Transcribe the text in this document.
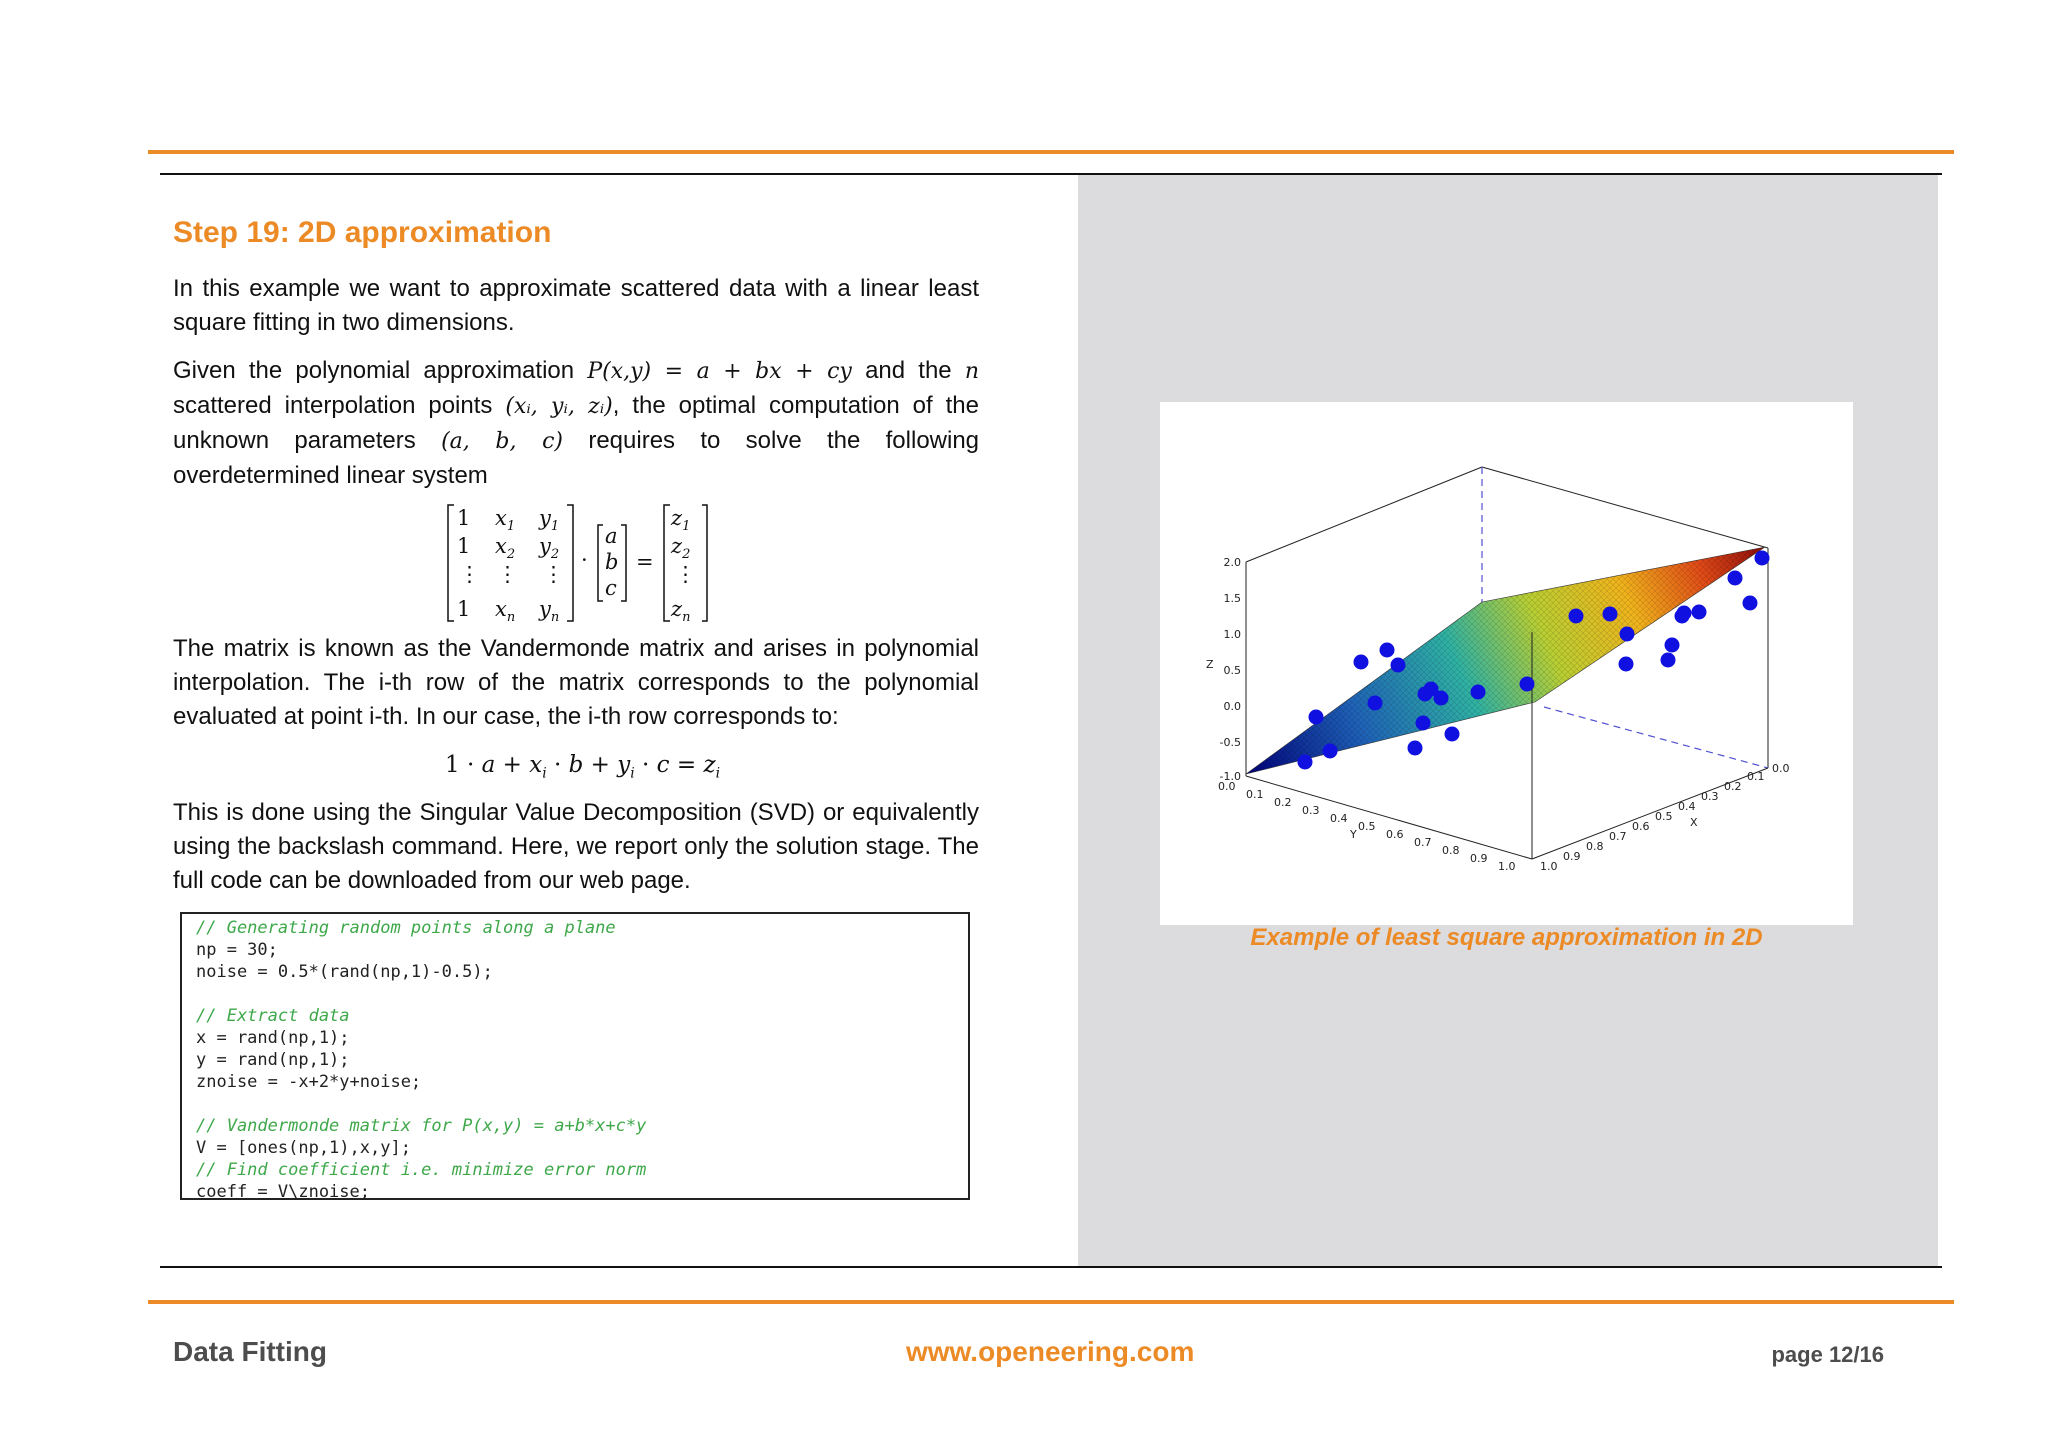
Step 19: 2D approximation

In this example we want to approximate scattered data with a linear least square fitting in two dimensions.

Given the polynomial approximation P(x,y) = a + bx + cy and the n scattered interpolation points (xᵢ, yᵢ, zᵢ), the optimal computation of the unknown parameters (a, b, c) requires to solve the following overdetermined linear system

1
1
⋮
1
$x_1$
$x_2$
⋮
$x_n$
$y_1$
$y_2$
⋮
$y_n$
·
a
b
c
=
$z_1$
$z_2$
⋮
$z_n$

The matrix is known as the Vandermonde matrix and arises in polynomial interpolation. The i-th row of the matrix corresponds to the polynomial evaluated at point i-th. In our case, the i-th row corresponds to:

$1 \cdot a + x_i \cdot b + y_i \cdot c = z_i$

This is done using the Singular Value Decomposition (SVD) or equivalently using the backslash command. Here, we report only the solution stage. The full code can be downloaded from our web page.

// Generating random points along a plane
np = 30;
noise = 0.5*(rand(np,1)-0.5);
// Extract data
x = rand(np,1);
y = rand(np,1);
znoise = -x+2*y+noise;
// Vandermonde matrix for P(x,y) = a+b*x+c*y
V = [ones(np,1),x,y];
// Find coefficient i.e. minimize error norm
coeff = V\znoise;
2.0
1.5
1.0
0.5
0.0
-0.5
-1.0
Z
0.0
0.1
0.2
0.3
0.4
0.5
0.6
0.7
0.8
0.9
1.0
Y
1.0
0.9
0.8
0.7
0.6
0.5
0.4
0.3
0.2
0.1
0.0
X
Example of least square approximation in 2D
Data Fitting	www.openeering.com	page 12/16
